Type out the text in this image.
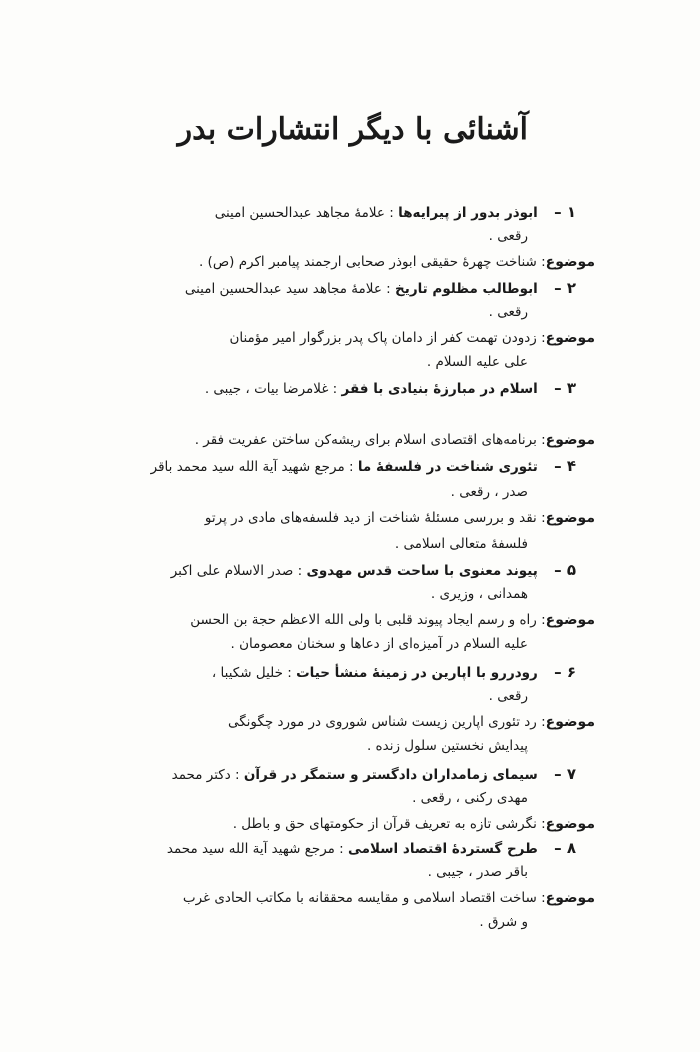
آشنائی با دیگر انتشارات بدر
۱ – ابوذر بدور از پیرایه‌ها : علامهٔ مجاهد عبدالحسین امینی
رقعی .
موضوع: شناخت چهرهٔ حقیقی ابوذر صحابی ارجمند پیامبر اکرم (ص) .
۲ – ابوطالب مظلوم تاریخ : علامهٔ مجاهد سید عبدالحسین امینی
رقعی .
موضوع: زدودن تهمت کفر از دامان پاک پدر بزرگوار امیر مؤمنان
علی علیه السلام .
۳ – اسلام در مبارزهٔ بنیادی با فقر : غلامرضا بیات ، جیبی .
موضوع: برنامه‌های اقتصادی اسلام برای ریشه‌کن ساختن عفریت فقر .
۴ – تئوری شناخت در فلسفهٔ ما : مرجع شهید آیة الله سید محمد باقر
صدر ، رقعی .
موضوع: نقد و بررسی مسئلهٔ شناخت از دید فلسفه‌های مادی در پرتو
فلسفهٔ متعالی اسلامی .
۵ – پیوند معنوی با ساحت قدس مهدوی : صدر الاسلام علی اکبر
همدانی ، وزیری .
موضوع: راه و رسم ایجاد پیوند قلبی با ولی الله الاعظم حجة بن الحسن
علیه السلام در آمیزه‌ای از دعاها و سخنان معصومان .
۶ – رودررو با اپارین در زمینهٔ منشأ حیات : خلیل شکیبا ،
رقعی .
موضوع: رد تئوری اپارین زیست شناس شوروی در مورد چگونگی
پیدایش نخستین سلول زنده .
۷ – سیمای زمامداران دادگستر و ستمگر در قرآن : دکتر محمد
مهدی رکنی ، رقعی .
موضوع: نگرشی تازه به تعریف قرآن از حکومتهای حق و باطل .
۸ – طرح گستردهٔ اقتصاد اسلامی : مرجع شهید آیة الله سید محمد
باقر صدر ، جیبی .
موضوع: ساخت اقتصاد اسلامی و مقایسه محققانه با مکاتب الحادی غرب
و شرق .
